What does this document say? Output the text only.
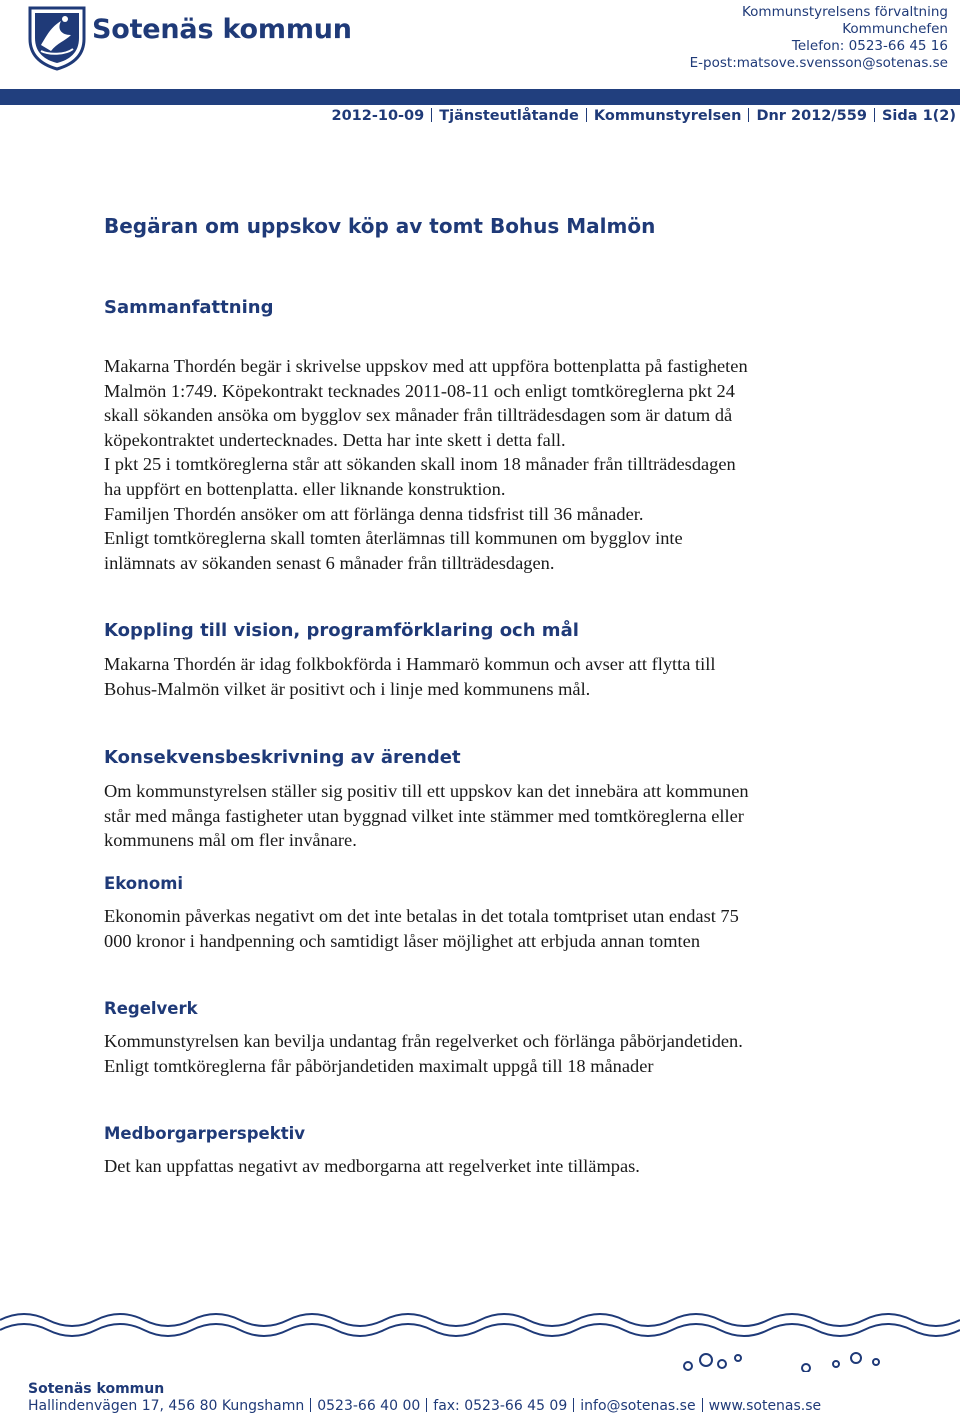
Sotenäs kommun
Kommunstyrelsens förvaltning
Kommunchefen
Telefon: 0523-66 45 16
E-post:matsove.svensson@sotenas.se
2012-10-09 Tjänsteutlåtande Kommunstyrelsen Dnr 2012/559 Sida 1(2)
Begäran om uppskov köp av tomt Bohus Malmön
Sammanfattning
Makarna Thordén begär i skrivelse uppskov med att uppföra bottenplatta på fastigheten
Malmön 1:749. Köpekontrakt tecknades 2011-08-11 och enligt tomtköreglerna pkt 24
skall sökanden ansöka om bygglov sex månader från tillträdesdagen som är datum då
köpekontraktet undertecknades. Detta har inte skett i detta fall.
I pkt 25 i tomtköreglerna står att sökanden skall inom 18 månader från tillträdesdagen
ha uppfört en bottenplatta. eller liknande konstruktion.
Familjen Thordén ansöker om att förlänga denna tidsfrist till 36 månader.
Enligt tomtköreglerna skall tomten återlämnas till kommunen om bygglov inte
inlämnats av sökanden senast 6 månader från tillträdesdagen.
Koppling till vision, programförklaring och mål
Makarna Thordén är idag folkbokförda i Hammarö kommun och avser att flytta till
Bohus-Malmön vilket är positivt och i linje med kommunens mål.
Konsekvensbeskrivning av ärendet
Om kommunstyrelsen ställer sig positiv till ett uppskov kan det innebära att kommunen
står med många fastigheter utan byggnad vilket inte stämmer med tomtköreglerna eller
kommunens mål om fler invånare.
Ekonomi
Ekonomin påverkas negativt om det inte betalas in det totala tomtpriset utan endast 75
000 kronor i handpenning och samtidigt låser möjlighet att erbjuda annan tomten
Regelverk
Kommunstyrelsen kan bevilja undantag från regelverket och förlänga påbörjandetiden.
Enligt tomtköreglerna får påbörjandetiden maximalt uppgå till 18 månader
Medborgarperspektiv
Det kan uppfattas negativt av medborgarna att regelverket inte tillämpas.
Sotenäs kommun
Hallindenvägen 17, 456 80 Kungshamn 0523-66 40 00 fax: 0523-66 45 09 info@sotenas.se www.sotenas.se
